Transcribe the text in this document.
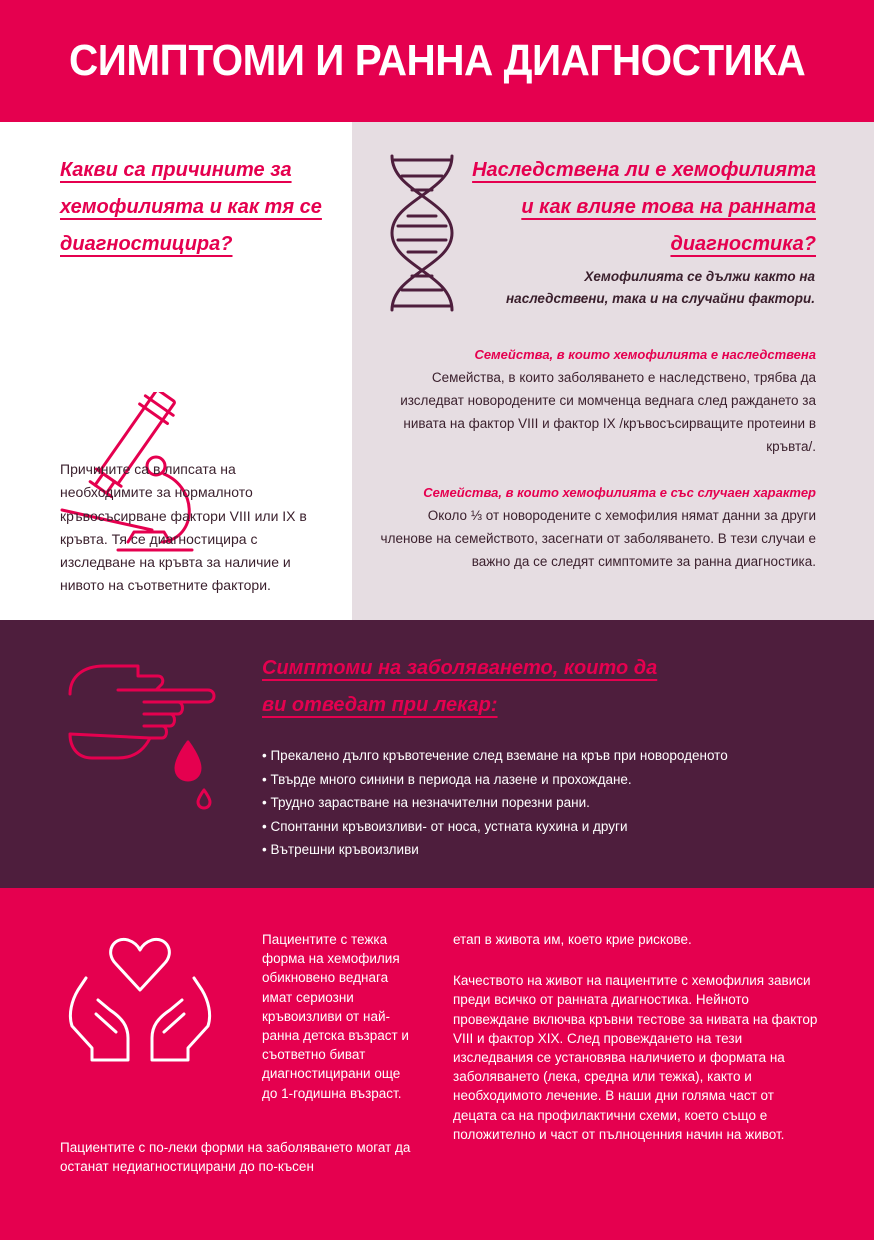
СИМПТОМИ И РАННА ДИАГНОСТИКА
Какви са причините за
хемофилията и как тя се
диагностицира?

Причините са в липсата на необходимите за нормалното кръвосъсирване фактори VIII или IX в кръвта. Тя се диагностицира с изследване на кръвта за наличие и нивото на съответните фактори.

Наследствена ли е хемофилията
и как влияе това на ранната
диагностика?

Хемофилията се дължи както на наследствени, така и на случайни фактори.

Семейства, в които хемофилията е наследствена

Семейства, в които заболяването е наследствено, трябва да изследват новородените си момченца веднага след раждането за нивата на фактор VIII и фактор IX /кръвосъсирващите протеини в кръвта/.

Семейства, в които хемофилията е със случаен характер

Около ⅓ от новородените с хемофилия нямат данни за други членове на семейството, засегнати от заболяването. В тези случаи е важно да се следят симптомите за ранна диагностика.

Симптоми на заболяването, които да
ви отведат при лекар:
• Прекалено дълго кръвотечение след вземане на кръв при новороденото
• Твърде много синини в периода на лазене и прохождане.
• Трудно зарастване на незначителни порезни рани.
• Спонтанни кръвоизливи- от носа, устната кухина и други
• Вътрешни кръвоизливи

Пациентите с тежка форма на хемофилия обикновено веднага имат сериозни кръвоизливи от най-ранна детска възраст и съответно биват диагностицирани още до 1-годишна възраст.

Пациентите с по-леки форми на заболяването могат да останат недиагностицирани до по-късен

етап в живота им, което крие рискове.

Качеството на живот на пациентите с хемофилия зависи преди всичко от ранната диагностика. Нейното провеждане включва кръвни тестове за нивата на фактор VIII и фактор XIX. След провеждането на тези изследвания се установява наличието и формата на заболяването (лека, средна или тежка), както и необходимото лечение. В наши дни голяма част от децата са на профилактични схеми, което също е положително и част от пълноценния начин на живот.
